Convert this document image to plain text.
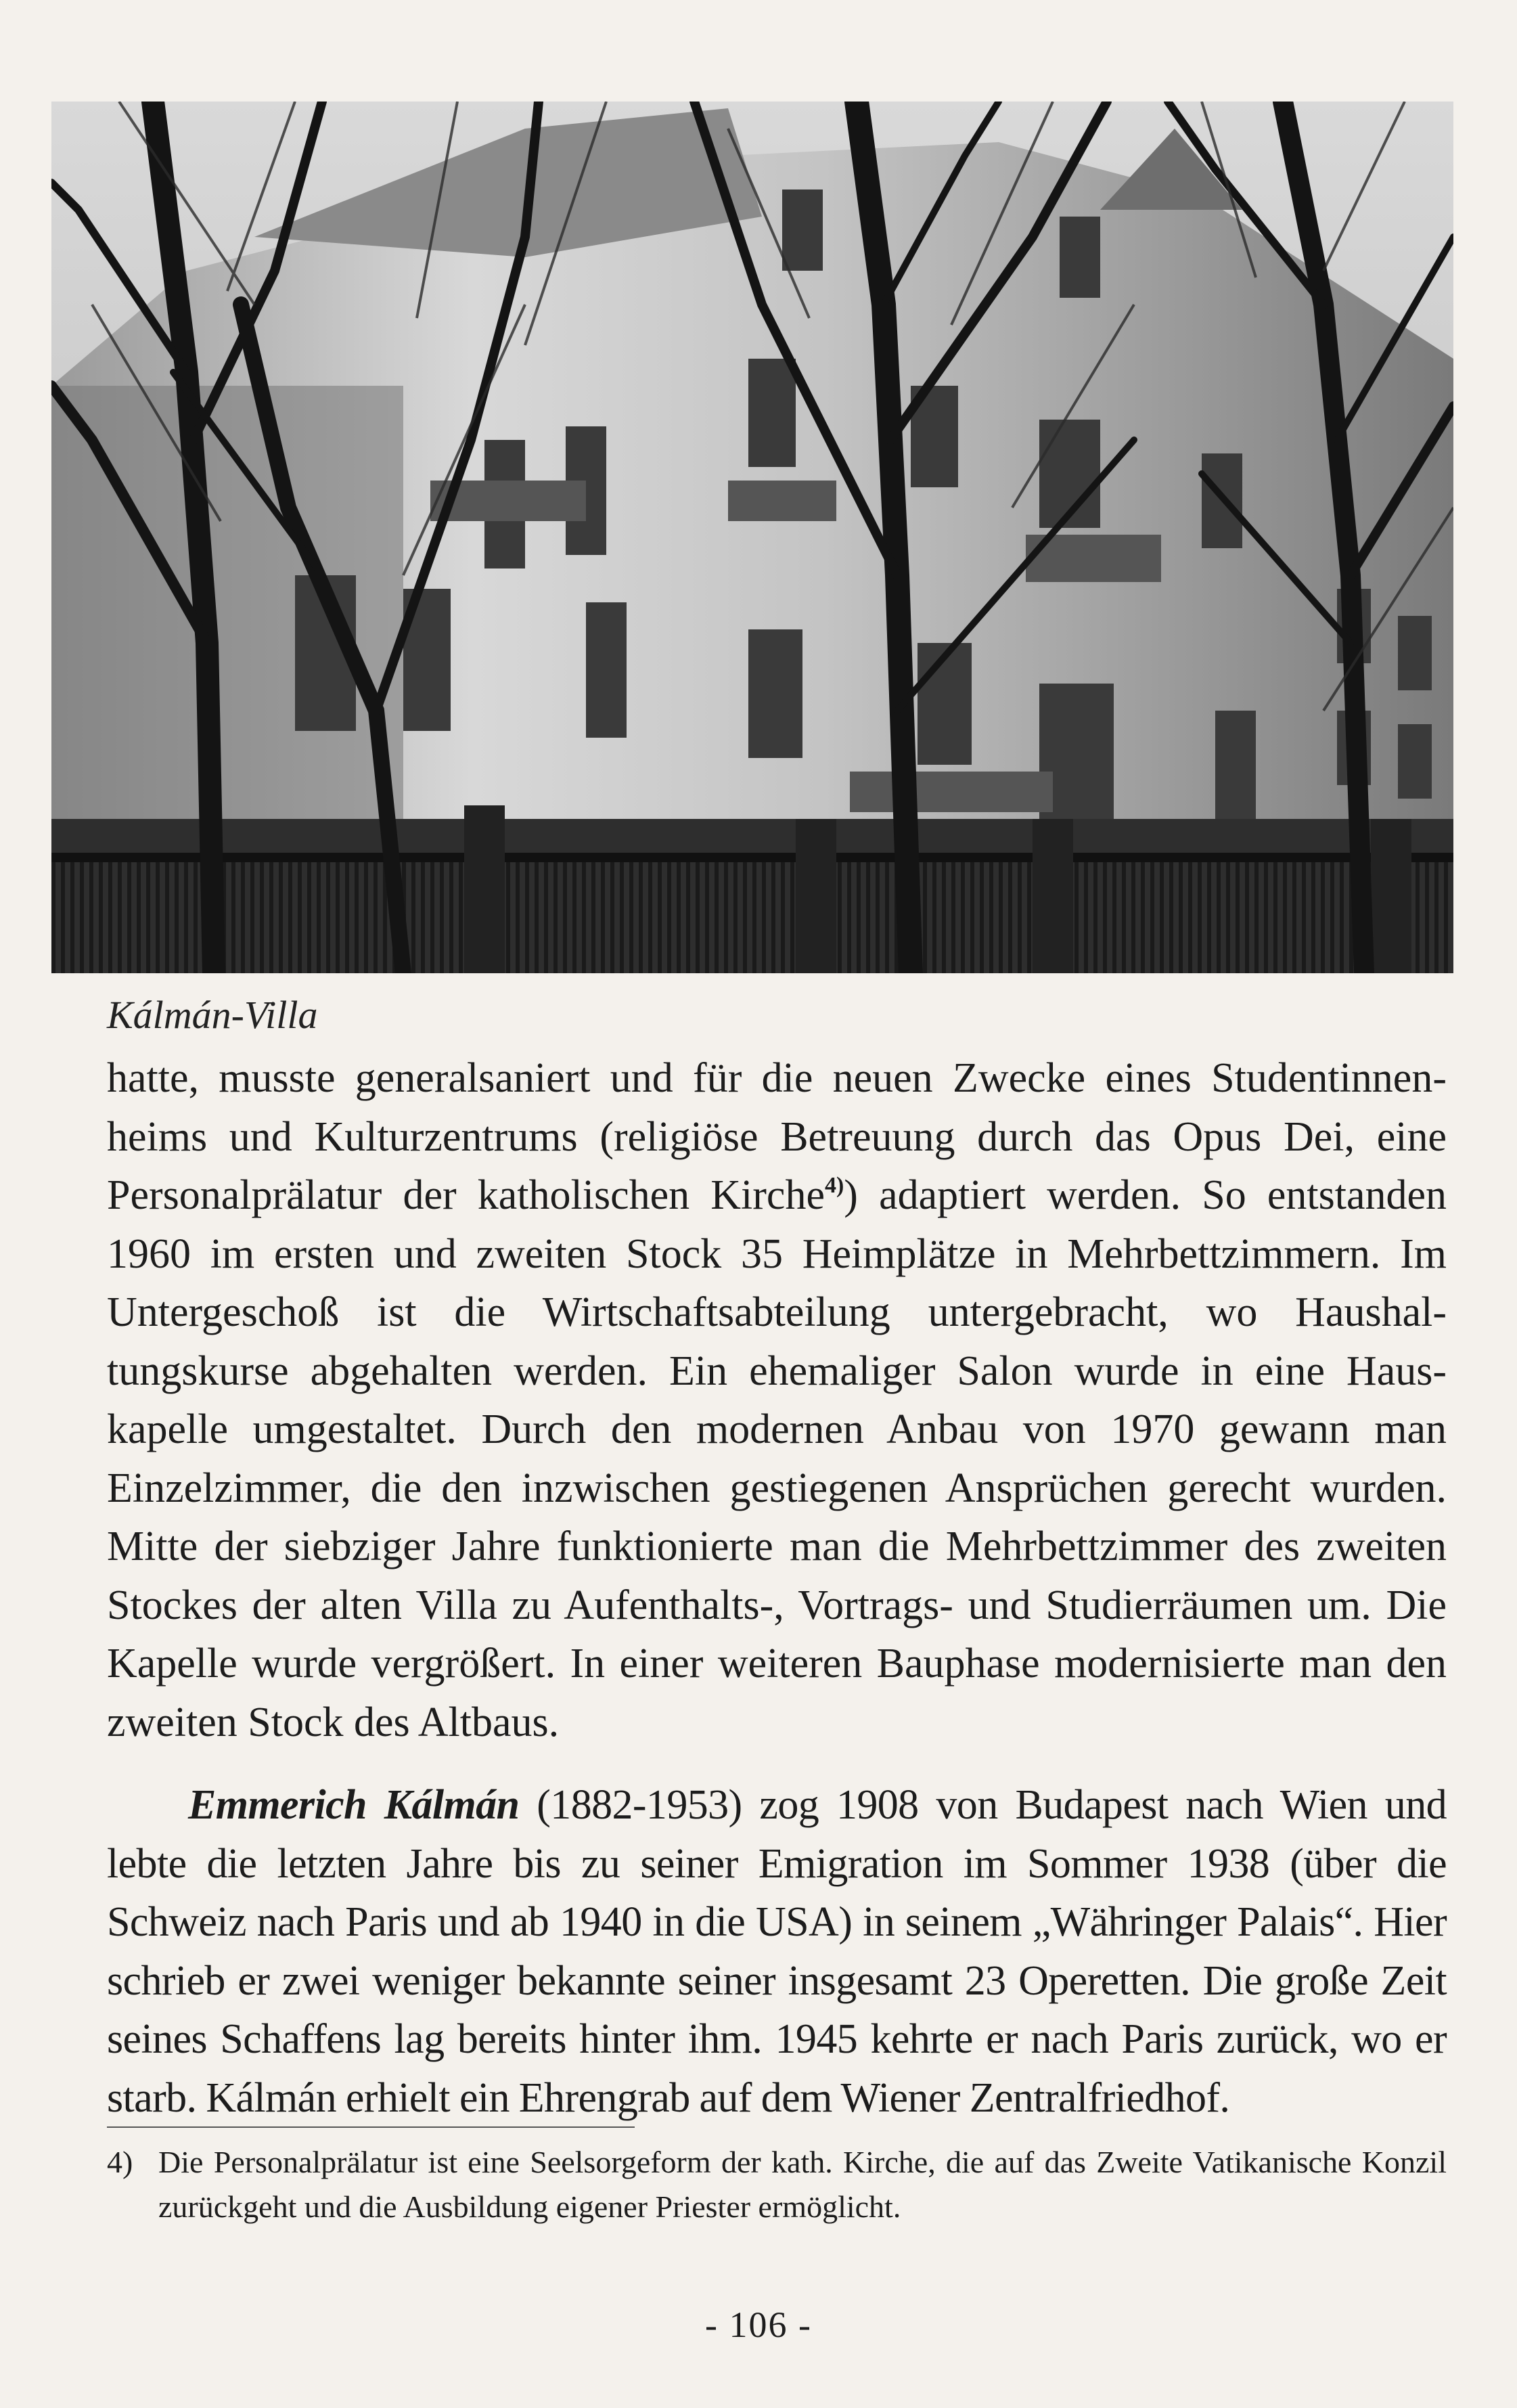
Kálmán-Villa

hatte, musste generalsaniert und für die neuen Zwecke eines Studentinnenheims und Kulturzentrums (religiöse Betreuung durch das Opus Dei, eine Personalprälatur der katholischen Kirche$^{4)}$) adaptiert werden. So entstanden 1960 im ersten und zweiten Stock 35 Heimplätze in Mehrbettzimmern. Im Untergeschoß ist die Wirtschaftsabteilung untergebracht, wo Haushaltungskurse abgehalten werden. Ein ehemaliger Salon wurde in eine Hauskapelle umgestaltet. Durch den modernen Anbau von 1970 gewann man Einzelzimmer, die den inzwischen gestiegenen Ansprüchen gerecht wurden. Mitte der siebziger Jahre funktionierte man die Mehrbettzimmer des zweiten Stockes der alten Villa zu Aufenthalts-, Vortrags- und Studierräumen um. Die Kapelle wurde vergrößert. In einer weiteren Bauphase modernisierte man den zweiten Stock des Altbaus.

Emmerich Kálmán (1882-1953) zog 1908 von Budapest nach Wien und lebte die letzten Jahre bis zu seiner Emigration im Sommer 1938 (über die Schweiz nach Paris und ab 1940 in die USA) in seinem „Währinger Palais“. Hier schrieb er zwei weniger bekannte seiner insgesamt 23 Operetten. Die große Zeit seines Schaffens lag bereits hinter ihm. 1945 kehrte er nach Paris zurück, wo er starb. Kálmán erhielt ein Ehrengrab auf dem Wiener Zentralfriedhof.

4) Die Personalprälatur ist eine Seelsorgeform der kath. Kirche, die auf das Zweite Vatikanische Konzil zurückgeht und die Ausbildung eigener Priester ermöglicht.

- 106 -
